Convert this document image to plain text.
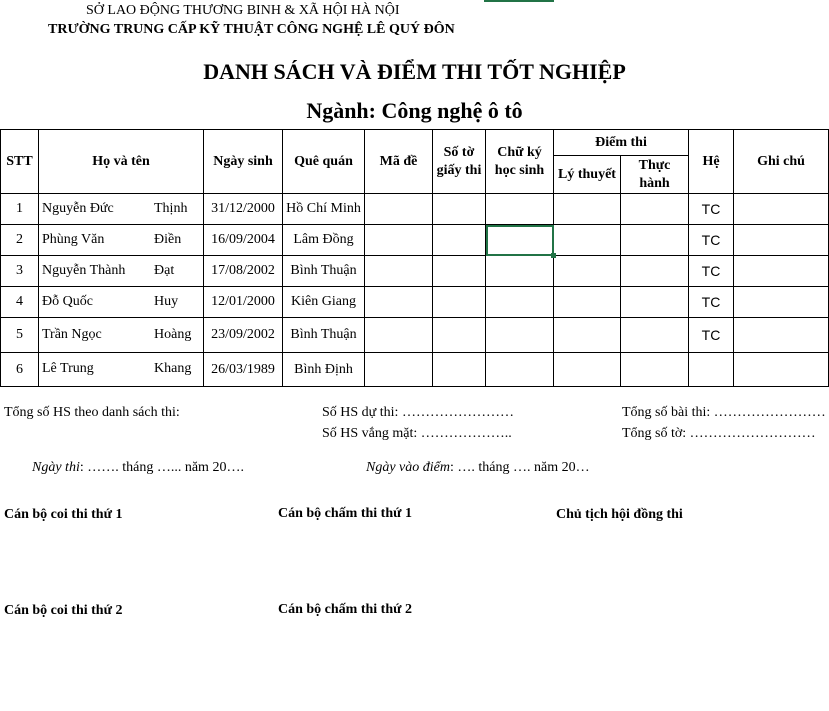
SỞ LAO ĐỘNG THƯƠNG BINH & XÃ HỘI HÀ NỘI
TRƯỜNG TRUNG CẤP KỸ THUẬT CÔNG NGHỆ LÊ QUÝ ĐÔN
DANH SÁCH VÀ ĐIỂM THI TỐT NGHIỆP
Ngành: Công nghệ ô tô
STT	Họ và tên	Ngày sinh	Quê quán	Mã đề	Số tờ
giấy thi	Chữ ký
học sinh	Điểm thi		Hệ	Ghi chú
							Lý thuyết	Thực
hành		
1	Nguyễn Đức Thịnh	31/12/2000	Hồ Chí Minh						TC	
2	Phùng Văn Điền	16/09/2004	Lâm Đồng						TC	
3	Nguyễn Thành Đạt	17/08/2002	Bình Thuận						TC	
4	Đỗ Quốc Huy	12/01/2000	Kiên Giang						TC	
5	Trần Ngọc Hoàng	23/09/2002	Bình Thuận						TC	
6	Lê Trung Khang	26/03/1989	Bình Định							
Tổng số HS theo danh sách thi:	Số HS dự thi: ……………………
Số HS vắng mặt: ………………..
Tổng số bài thi: ……………………
Tổng số tờ: ………………………
Ngày thi: ……. tháng …... năm 20….	Ngày vào điểm: …. tháng …. năm 20…
Cán bộ coi thi thứ 1	Cán bộ chấm thi thứ 1	Chủ tịch hội đồng thi
Cán bộ coi thi thứ 2	Cán bộ chấm thi thứ 2
